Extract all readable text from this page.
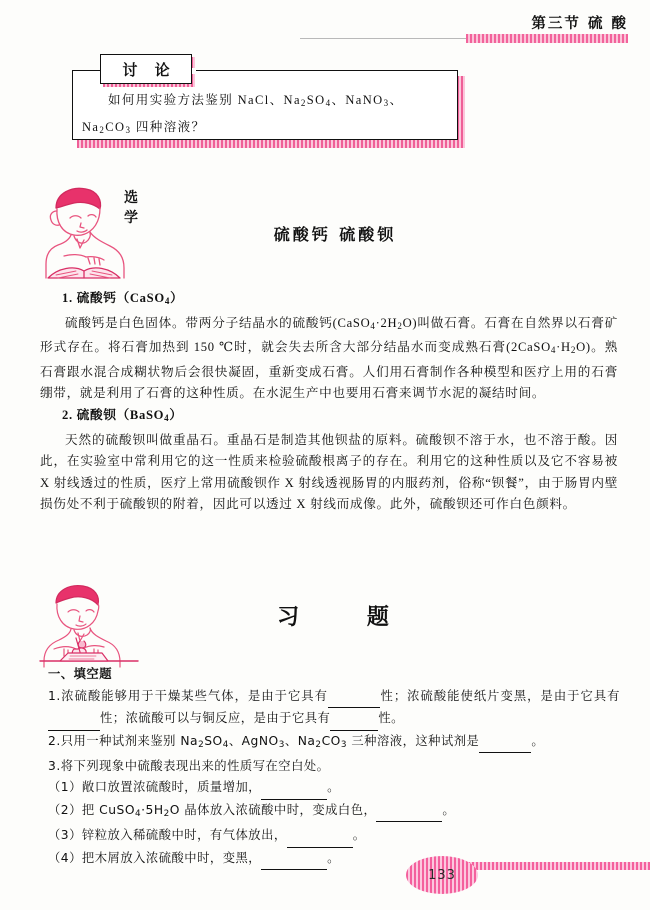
第三节 硫 酸
讨 论
如何用实验方法鉴别 NaCl、$Na_2SO_4$、NaNO$_3$、
$Na_2CO_3$ 四种溶液？
选
学
硫酸钙 硫酸钡

1. 硫酸钙（CaSO$_4$）

硫酸钙是白色固体。带两分子结晶水的硫酸钙$(CaSO_4\cdot 2H_2O)$叫做石膏。石膏在自然界以石膏矿形式存在。将石膏加热到 150 ℃时，就会失去所含大部分结晶水而变成熟石膏$(2CaSO_4\cdot H_2O)$。熟石膏跟水混合成糊状物后会很快凝固，重新变成石膏。人们用石膏制作各种模型和医疗上用的石膏绷带，就是利用了石膏的这种性质。在水泥生产中也要用石膏来调节水泥的凝结时间。

2. 硫酸钡（BaSO$_4$）

天然的硫酸钡叫做重晶石。重晶石是制造其他钡盐的原料。硫酸钡不溶于水，也不溶于酸。因此，在实验室中常利用它的这一性质来检验硫酸根离子的存在。利用它的这种性质以及它不容易被 X 射线透过的性质，医疗上常用硫酸钡作 X 射线透视肠胃的内服药剂，俗称“钡餐”，由于肠胃内壁损伤处不利于硫酸钡的附着，因此可以透过 X 射线而成像。此外，硫酸钡还可作白色颜料。

习 题

一、填空题

1.浓硫酸能够用于干燥某些气体，是由于它具有	性；浓硫酸能使纸片变黑，是由于它具有 性；浓硫酸可以与铜反应，是由于它具有	性。

2.只用一种试剂来鉴别 $Na_2SO_4$、AgNO$_3$、$Na_2CO_3$ 三种溶液，这种试剂是	。

3.将下列现象中硫酸表现出来的性质写在空白处。

（1）敞口放置浓硫酸时，质量增加，	。

（2）把 $CuSO_4\cdot 5H_2O$ 晶体放入浓硫酸中时，变成白色，	。

（3）锌粒放入稀硫酸中时，有气体放出，	。

（4）把木屑放入浓硫酸中时，变黑，	。

133
